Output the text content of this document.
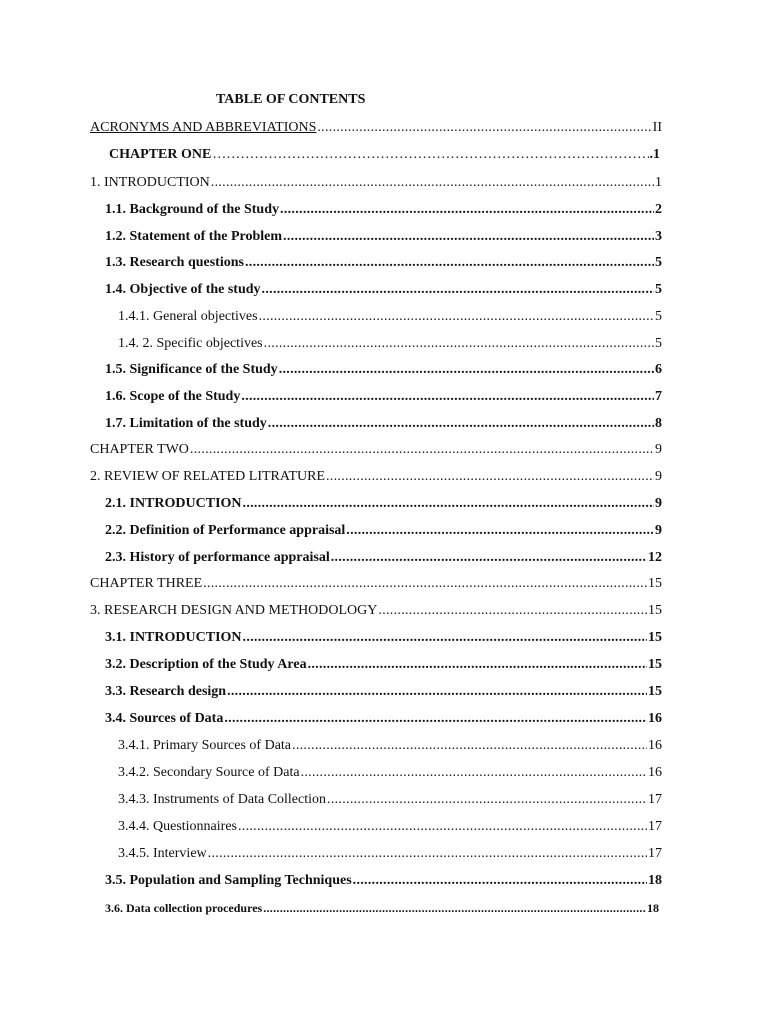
TABLE OF CONTENTS
ACRONYMS AND ABBREVIATIONS .....	II
CHAPTER ONE …………………………………………………………………………………………………………………………………………	.1
1. INTRODUCTION .....	1
1.1. Background of the Study .....	2
1.2. Statement of the Problem .....	3
1.3. Research questions .....	5
1.4. Objective of the study .....	5
1.4.1. General objectives .....	5
1.4. 2. Specific objectives .....	5
1.5. Significance of the Study .....	6
1.6. Scope of the Study .....	7
1.7. Limitation of the study .....	8
CHAPTER TWO .....	9
2. REVIEW OF RELATED LITRATURE .....	9
2.1. INTRODUCTION .....	9
2.2. Definition of Performance appraisal .....	9
2.3. History of performance appraisal .....	12
CHAPTER THREE .....	15
3. RESEARCH DESIGN AND METHODOLOGY .....	15
3.1. INTRODUCTION .....	15
3.2. Description of the Study Area .....	15
3.3. Research design .....	15
3.4. Sources of Data .....	16
3.4.1. Primary Sources of Data .....	16
3.4.2. Secondary Source of Data .....	16
3.4.3. Instruments of Data Collection .....	17
3.4.4. Questionnaires .....	17
3.4.5. Interview .....	17
3.5. Population and Sampling Techniques .....	18
3.6. Data collection procedures .....	18
